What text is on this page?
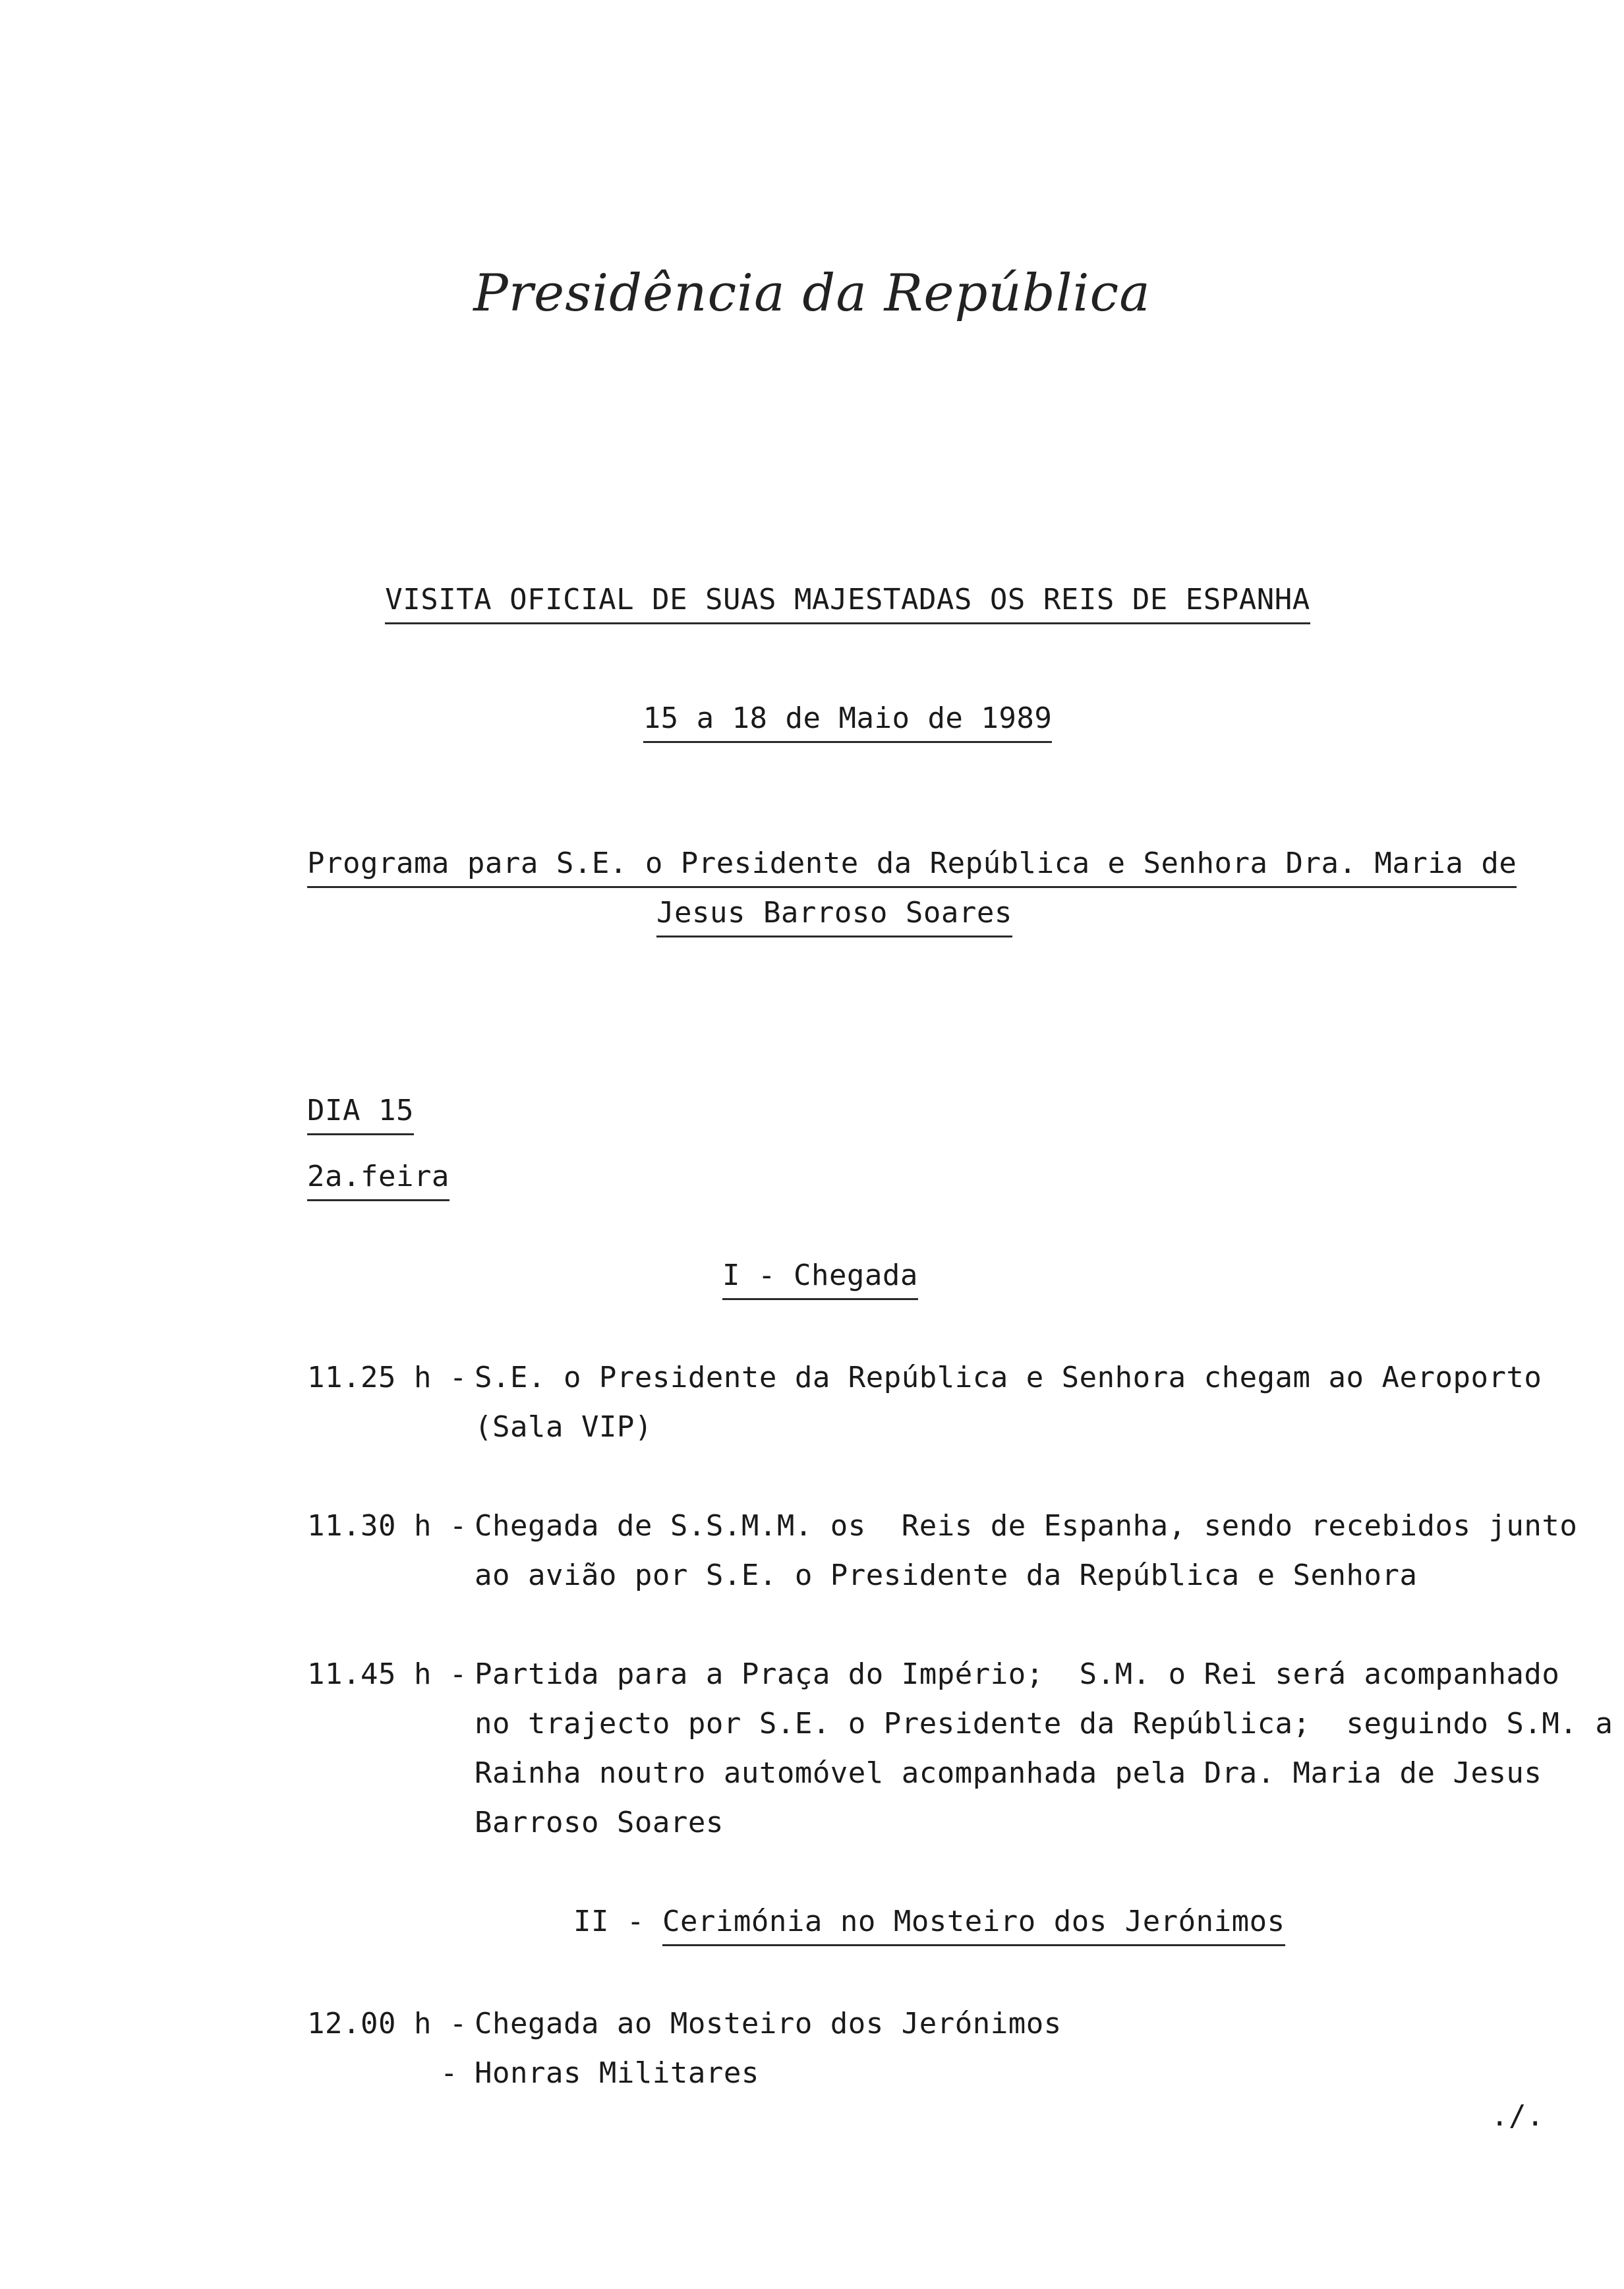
Presidência da República

VISITA OFICIAL DE SUAS MAJESTADAS OS REIS DE ESPANHA

15 a 18 de Maio de 1989

Programa para S.E. o Presidente da República e Senhora Dra. Maria de
Jesus Barroso Soares
DIA 15
2a.feira
I - Chegada
11.25 h - S.E. o Presidente da República e Senhora chegam ao Aeroporto
(Sala VIP)
11.30 h - Chegada de S.S.M.M. os  Reis de Espanha, sendo recebidos junto
ao avião por S.E. o Presidente da República e Senhora
11.45 h - Partida para a Praça do Império;  S.M. o Rei será acompanhado
no trajecto por S.E. o Presidente da República;  seguindo S.M. a
Rainha noutro automóvel acompanhada pela Dra. Maria de Jesus
Barroso Soares
II - Cerimónia no Mosteiro dos Jerónimos
12.00 h - Chegada ao Mosteiro dos Jerónimos
- Honras Militares
./.
